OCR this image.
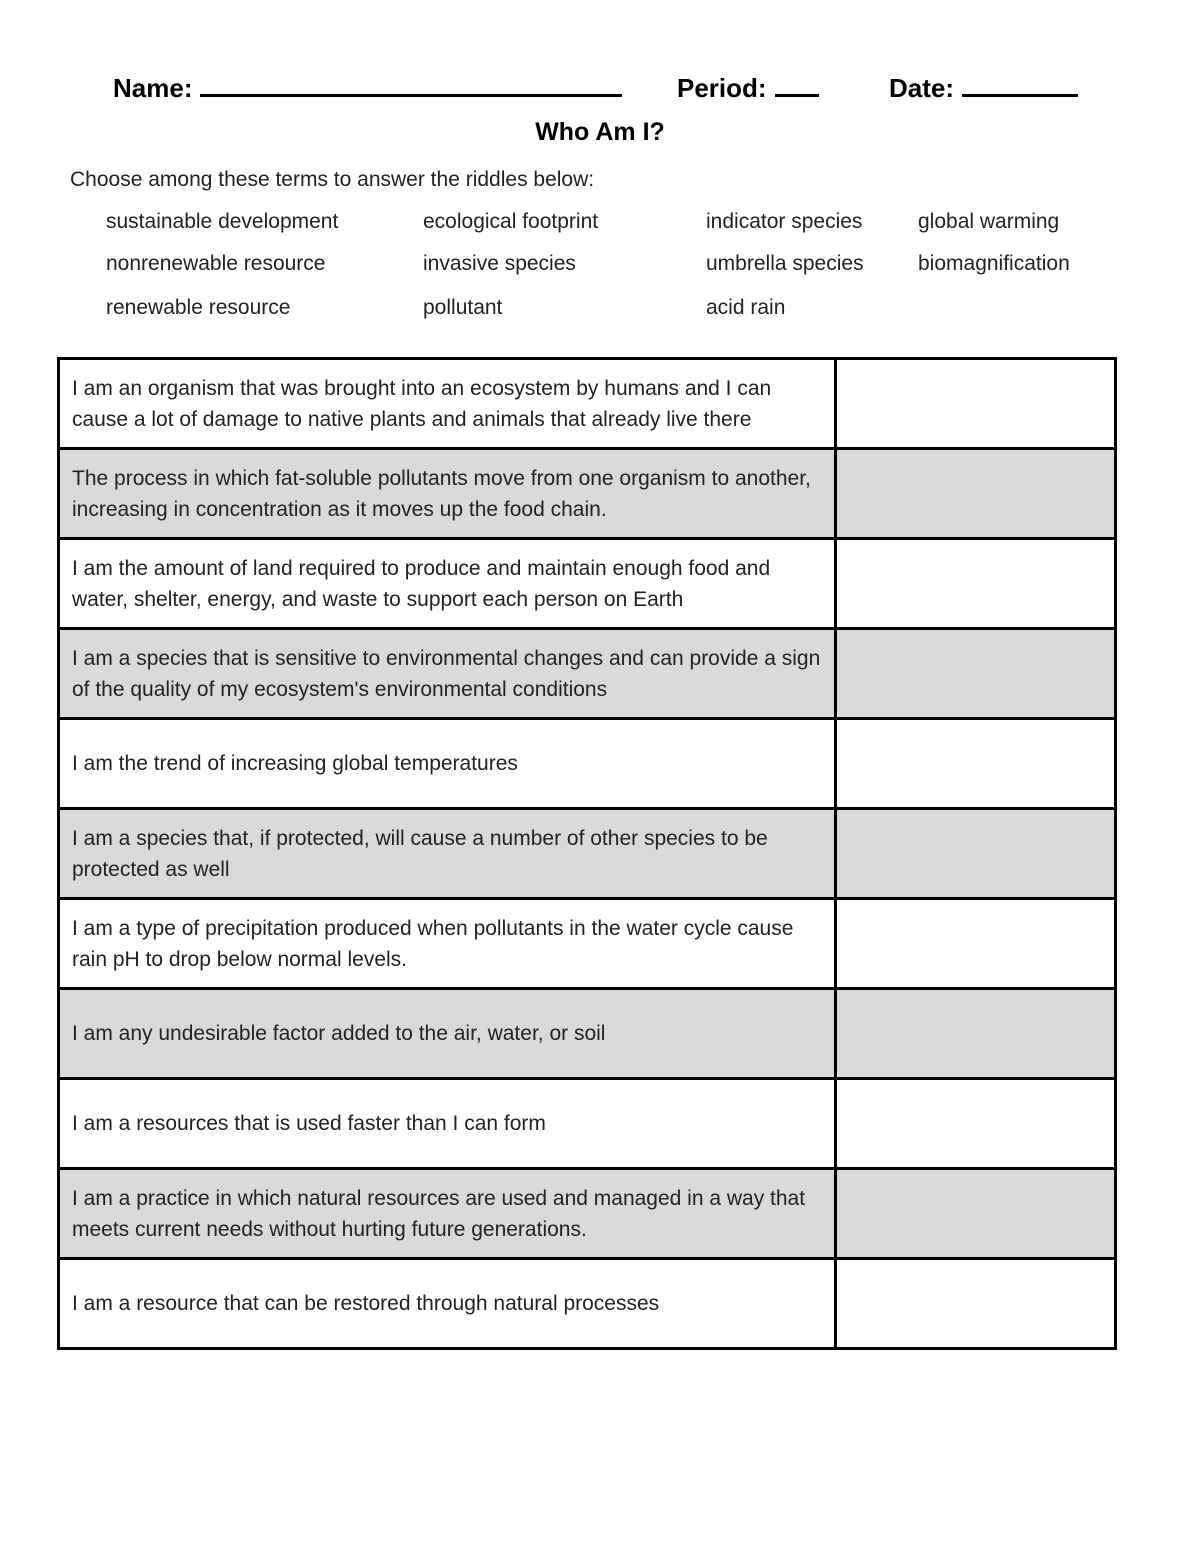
Name:	Period:	Date:
Who Am I?
Choose among these terms to answer the riddles below:
sustainable development	ecological footprint	indicator species	global warming
nonrenewable resource	invasive species	umbrella species	biomagnification
renewable resource	pollutant	acid rain
I am an organism that was brought into an ecosystem by humans and I can cause a lot of damage to native plants and animals that already live there	
The process in which fat-soluble pollutants move from one organism to another, increasing in concentration as it moves up the food chain.	
I am the amount of land required to produce and maintain enough food and water, shelter, energy, and waste to support each person on Earth	
I am a species that is sensitive to environmental changes and can provide a sign of the quality of my ecosystem's environmental conditions	
I am the trend of increasing global temperatures	
I am a species that, if protected, will cause a number of other species to be protected as well	
I am a type of precipitation produced when pollutants in the water cycle cause rain pH to drop below normal levels.	
I am any undesirable factor added to the air, water, or soil	
I am a resources that is used faster than I can form	
I am a practice in which natural resources are used and managed in a way that meets current needs without hurting future generations.	
I am a resource that can be restored through natural processes	
